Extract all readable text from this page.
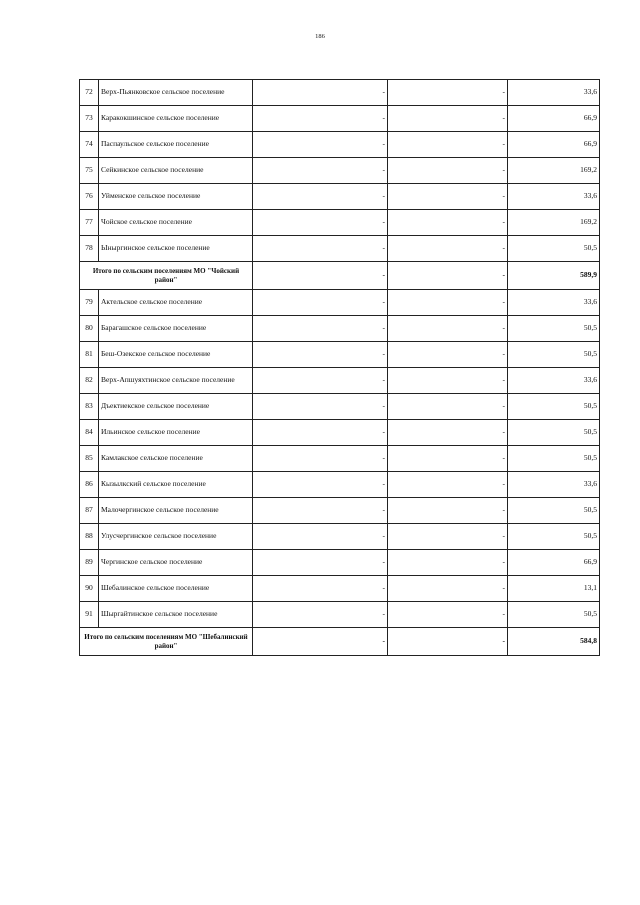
186
72	Верх-Пьянковское сельское поселение	-	-	33,6
73	Каракокшинское сельское поселение	-	-	66,9
74	Паспаульское сельское поселение	-	-	66,9
75	Сейкинское сельское поселение	-	-	169,2
76	Уйменское сельское поселение	-	-	33,6
77	Чойское сельское поселение	-	-	169,2
78	Ыныргинское сельское поселение	-	-	50,5
Итого по сельским поселениям МО "Чойский район"		-	-	589,9
79	Актельское сельское поселение	-	-	33,6
80	Барагашское сельское поселение	-	-	50,5
81	Беш-Озекское сельское поселение	-	-	50,5
82	Верх-Апшуяхтинское сельское поселение	-	-	33,6
83	Дъектиекское сельское поселение	-	-	50,5
84	Ильинское сельское поселение	-	-	50,5
85	Камлакское сельское поселение	-	-	50,5
86	Кызылкский сельское поселение	-	-	33,6
87	Малочергинское сельское поселение	-	-	50,5
88	Улусчергинское сельское поселение	-	-	50,5
89	Чергинское сельское поселение	-	-	66,9
90	Шебалинское сельское поселение	-	-	13,1
91	Шыргайтинское сельское поселение	-	-	50,5
Итого по сельским поселениям МО "Шебалинский район"		-	-	584,8
